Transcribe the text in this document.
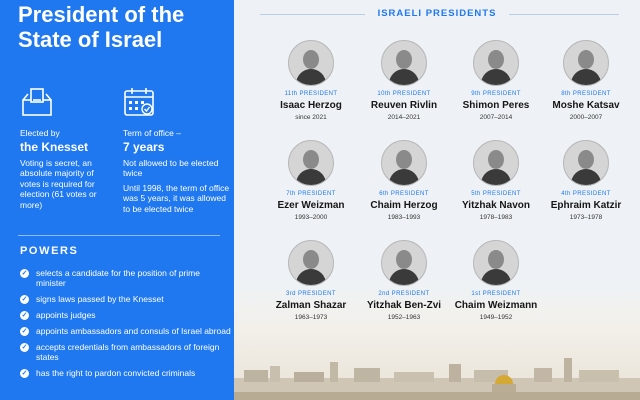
President of the State of Israel
Elected by
the Knesset
Voting is secret, an absolute majority of votes is required for election (61 votes or more)
Term of office –
7 years
Not allowed to be elected twice
Until 1998, the term of office was 5 years, it was allowed to be elected twice
POWERS
✓ selects a candidate for the position of prime minister
✓ signs laws passed by the Knesset
✓ appoints judges
✓ appoints ambassadors and consuls of Israel abroad
✓ accepts credentials from ambassadors of foreign states
✓ has the right to pardon convicted criminals
ISRAELI PRESIDENTS
11th PRESIDENT
Isaac Herzog
since 2021
10th PRESIDENT
Reuven Rivlin
2014–2021
9th PRESIDENT
Shimon Peres
2007–2014
8th PRESIDENT
Moshe Katsav
2000–2007
7th PRESIDENT
Ezer Weizman
1993–2000
6th PRESIDENT
Chaim Herzog
1983–1993
5th PRESIDENT
Yitzhak Navon
1978–1983
4th PRESIDENT
Ephraim Katzir
1973–1978
3rd PRESIDENT
Zalman Shazar
1963–1973
2nd PRESIDENT
Yitzhak Ben-Zvi
1952–1963
1st PRESIDENT
Chaim Weizmann
1949–1952
